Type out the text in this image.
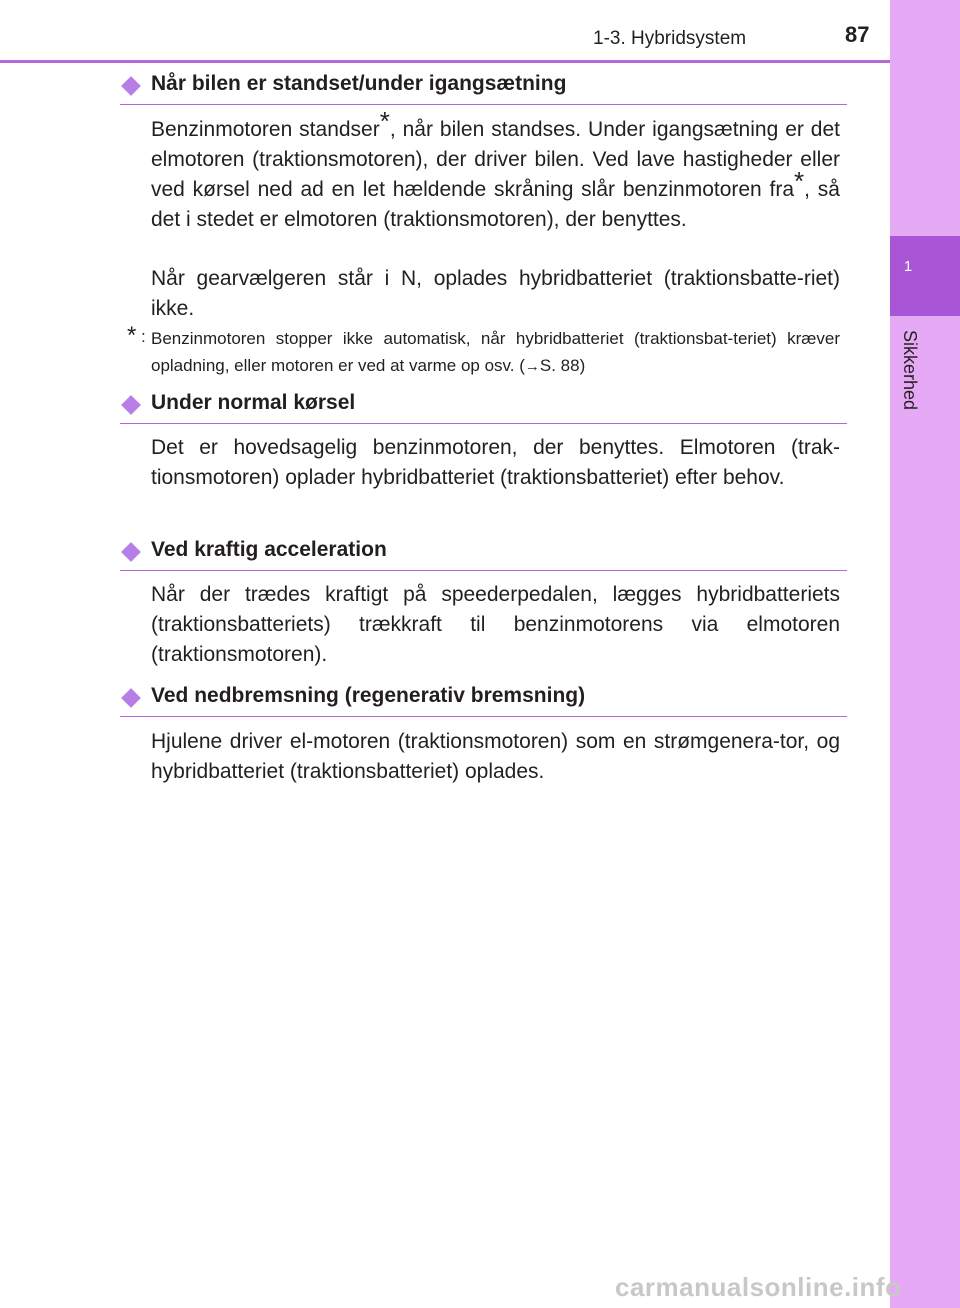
1-3. Hybridsystem	87
1
Sikkerhed
Når bilen er standset/under igangsætning

Benzinmotoren standser*, når bilen standses. Under igangsætning er det elmotoren (traktionsmotoren), der driver bilen. Ved lave hastigheder eller ved kørsel ned ad en let hældende skråning slår benzinmotoren fra*, så det i stedet er elmotoren (traktionsmotoren), der benyttes.

Når gearvælgeren står i N, oplades hybridbatteriet (traktionsbatte-riet) ikke.

* : Benzinmotoren stopper ikke automatisk, når hybridbatteriet (traktionsbat-teriet) kræver opladning, eller motoren er ved at varme op osv. (→S. 88)

Under normal kørsel

Det er hovedsagelig benzinmotoren, der benyttes. Elmotoren (trak-tionsmotoren) oplader hybridbatteriet (traktionsbatteriet) efter behov.

Ved kraftig acceleration

Når der trædes kraftigt på speederpedalen, lægges hybridbatteriets (traktionsbatteriets) trækkraft til benzinmotorens via elmotoren (traktionsmotoren).

Ved nedbremsning (regenerativ bremsning)

Hjulene driver el-motoren (traktionsmotoren) som en strømgenera-tor, og hybridbatteriet (traktionsbatteriet) oplades.

carmanualsonline.info
